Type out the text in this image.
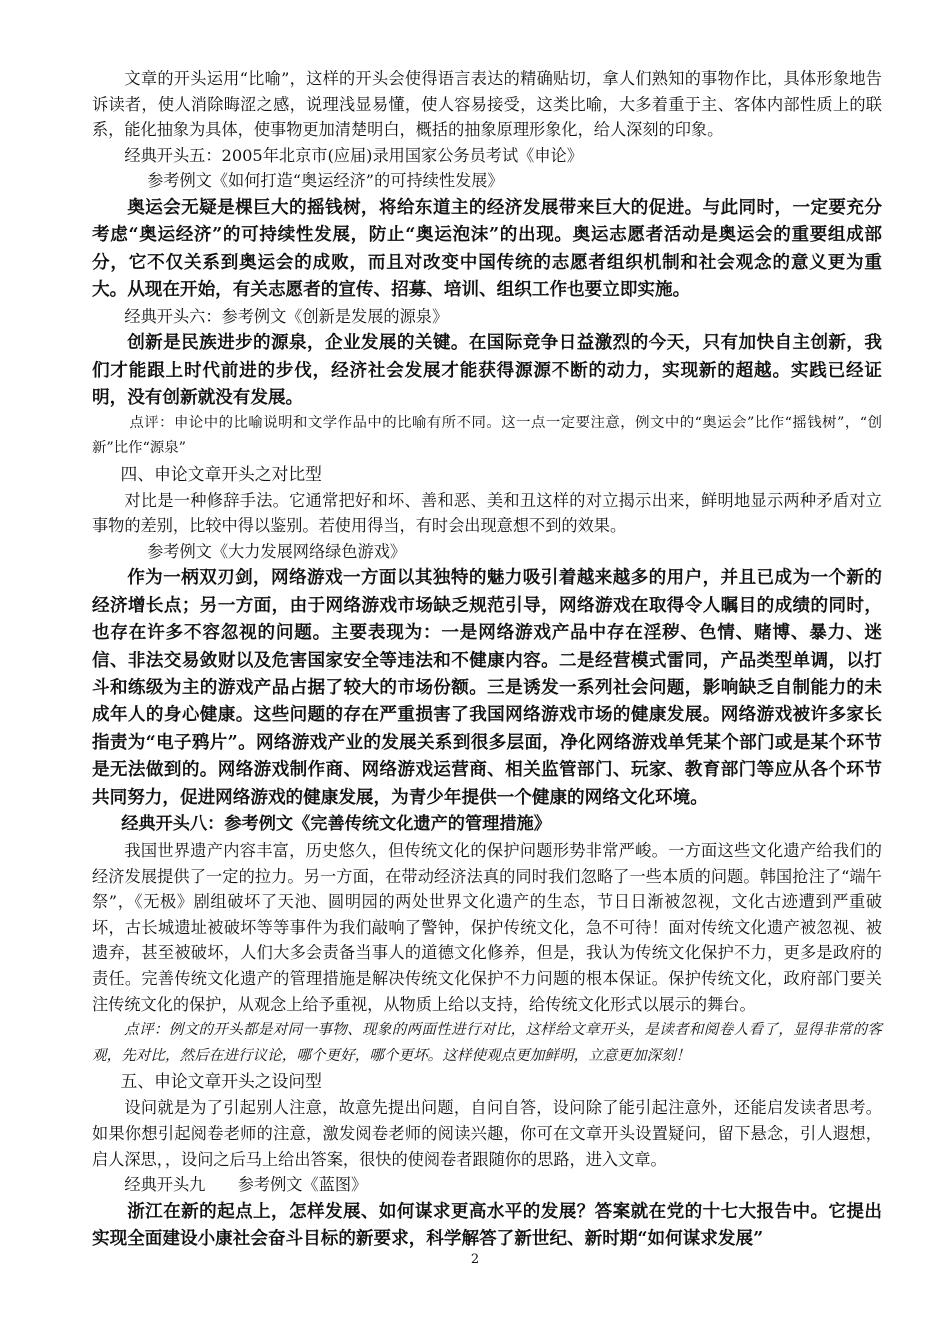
文章的开头运用“比喻”，这样的开头会使得语言表达的精确贴切，拿人们熟知的事物作比，具体形象地告诉读者，使人消除晦涩之感，说理浅显易懂，使人容易接受，这类比喻，大多着重于主、客体内部性质上的联系，能化抽象为具体，使事物更加清楚明白，概括的抽象原理形象化，给人深刻的印象。

经典开头五：2005年北京市(应届)录用国家公务员考试《申论》

参考例文《如何打造“奥运经济”的可持续性发展》

奥运会无疑是棵巨大的摇钱树，将给东道主的经济发展带来巨大的促进。与此同时，一定要充分考虑“奥运经济”的可持续性发展，防止“奥运泡沫”的出现。奥运志愿者活动是奥运会的重要组成部分，它不仅关系到奥运会的成败，而且对改变中国传统的志愿者组织机制和社会观念的意义更为重大。从现在开始，有关志愿者的宣传、招募、培训、组织工作也要立即实施。

经典开头六：参考例文《创新是发展的源泉》

创新是民族进步的源泉，企业发展的关键。在国际竞争日益激烈的今天，只有加快自主创新，我们才能跟上时代前进的步伐，经济社会发展才能获得源源不断的动力，实现新的超越。实践已经证明，没有创新就没有发展。

点评：申论中的比喻说明和文学作品中的比喻有所不同。这一点一定要注意，例文中的“奥运会”比作“摇钱树”，“创新”比作“源泉”

四、申论文章开头之对比型

对比是一种修辞手法。它通常把好和坏、善和恶、美和丑这样的对立揭示出来，鲜明地显示两种矛盾对立事物的差别，比较中得以鉴别。若使用得当，有时会出现意想不到的效果。

参考例文《大力发展网络绿色游戏》

作为一柄双刃剑，网络游戏一方面以其独特的魅力吸引着越来越多的用户，并且已成为一个新的经济增长点；另一方面，由于网络游戏市场缺乏规范引导，网络游戏在取得令人瞩目的成绩的同时，也存在许多不容忽视的问题。主要表现为：一是网络游戏产品中存在淫秽、色情、赌博、暴力、迷信、非法交易敛财以及危害国家安全等违法和不健康内容。二是经营模式雷同，产品类型单调，以打斗和练级为主的游戏产品占据了较大的市场份额。三是诱发一系列社会问题，影响缺乏自制能力的未成年人的身心健康。这些问题的存在严重损害了我国网络游戏市场的健康发展。网络游戏被许多家长指责为“电子鸦片”。网络游戏产业的发展关系到很多层面，净化网络游戏单凭某个部门或是某个环节是无法做到的。网络游戏制作商、网络游戏运营商、相关监管部门、玩家、教育部门等应从各个环节共同努力，促进网络游戏的健康发展，为青少年提供一个健康的网络文化环境。

经典开头八：参考例文《完善传统文化遗产的管理措施》

我国世界遗产内容丰富，历史悠久，但传统文化的保护问题形势非常严峻。一方面这些文化遗产给我们的经济发展提供了一定的拉力。另一方面，在带动经济法真的同时我们忽略了一些本质的问题。韩国抢注了“端午祭”，《无极》剧组破坏了天池、圆明园的两处世界文化遗产的生态，节日日渐被忽视，文化古迹遭到严重破坏，古长城遗址被破坏等等事件为我们敲响了警钟，保护传统文化，急不可待！面对传统文化遗产被忽视、被遗弃，甚至被破坏，人们大多会责备当事人的道德文化修养，但是，我认为传统文化保护不力，更多是政府的责任。完善传统文化遗产的管理措施是解决传统文化保护不力问题的根本保证。保护传统文化，政府部门要关注传统文化的保护，从观念上给予重视，从物质上给以支持，给传统文化形式以展示的舞台。

点评：例文的开头都是对同一事物、现象的两面性进行对比，这样给文章开头，是读者和阅卷人看了，显得非常的客观，先对比，然后在进行议论，哪个更好，哪个更坏。这样使观点更加鲜明，立意更加深刻！

五、申论文章开头之设问型

设问就是为了引起别人注意，故意先提出问题，自问自答，设问除了能引起注意外，还能启发读者思考。如果你想引起阅卷老师的注意，激发阅卷老师的阅读兴趣，你可在文章开头设置疑问，留下悬念，引人遐想，启人深思，，设问之后马上给出答案，很快的使阅卷者跟随你的思路，进入文章。

经典开头九　　参考例文《蓝图》

浙江在新的起点上，怎样发展、如何谋求更高水平的发展？答案就在党的十七大报告中。它提出实现全面建设小康社会奋斗目标的新要求，科学解答了新世纪、新时期“如何谋求发展”

2
